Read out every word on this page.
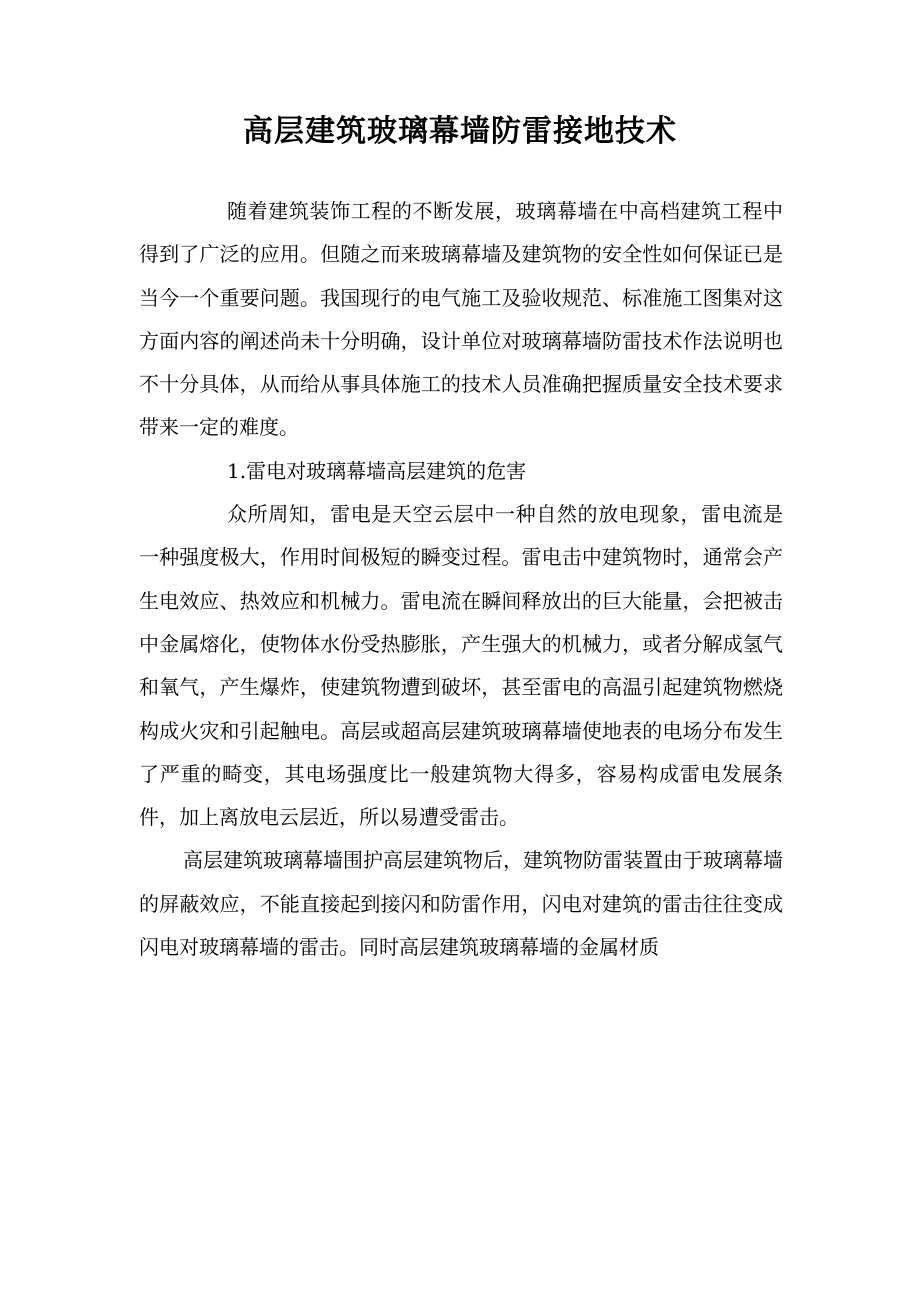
高层建筑玻璃幕墙防雷接地技术

随着建筑装饰工程的不断发展，玻璃幕墙在中高档建筑工程中得到了广泛的应用。但随之而来玻璃幕墙及建筑物的安全性如何保证已是当今一个重要问题。我国现行的电气施工及验收规范、标准施工图集对这方面内容的阐述尚未十分明确，设计单位对玻璃幕墙防雷技术作法说明也不十分具体，从而给从事具体施工的技术人员准确把握质量安全技术要求带来一定的难度。

1.雷电对玻璃幕墙高层建筑的危害

众所周知，雷电是天空云层中一种自然的放电现象，雷电流是一种强度极大，作用时间极短的瞬变过程。雷电击中建筑物时，通常会产生电效应、热效应和机械力。雷电流在瞬间释放出的巨大能量，会把被击中金属熔化，使物体水份受热膨胀，产生强大的机械力，或者分解成氢气和氧气，产生爆炸，使建筑物遭到破坏，甚至雷电的高温引起建筑物燃烧构成火灾和引起触电。高层或超高层建筑玻璃幕墙使地表的电场分布发生了严重的畸变，其电场强度比一般建筑物大得多，容易构成雷电发展条件，加上离放电云层近，所以易遭受雷击。

高层建筑玻璃幕墙围护高层建筑物后，建筑物防雷装置由于玻璃幕墙的屏蔽效应，不能直接起到接闪和防雷作用，闪电对建筑的雷击往往变成闪电对玻璃幕墙的雷击。同时高层建筑玻璃幕墙的金属材质
